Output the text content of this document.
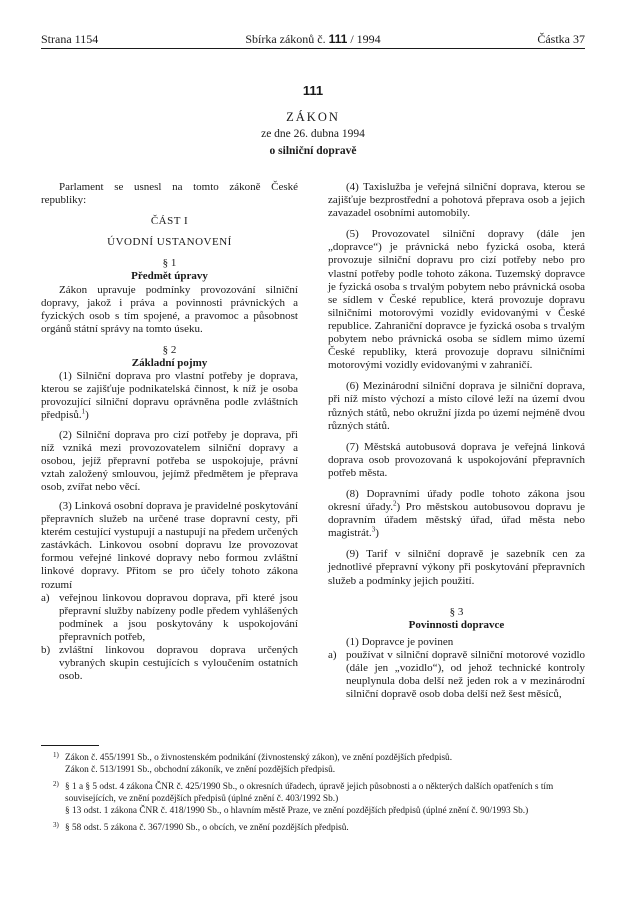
Strana 1154	Sbírka zákonů č. 111 / 1994	Částka 37
111
ZÁKON
ze dne 26. dubna 1994
o silniční dopravě

Parlament se usnesl na tomto zákoně České republiky:

ČÁST I

ÚVODNÍ USTANOVENÍ

§ 1

Předmět úpravy

Zákon upravuje podmínky provozování silniční dopravy, jakož i práva a povinnosti právnických a fyzických osob s tím spojené, a pravomoc a působnost orgánů státní správy na tomto úseku.

§ 2

Základní pojmy

(1) Silniční doprava pro vlastní potřeby je doprava, kterou se zajišťuje podnikatelská činnost, k níž je osoba provozující silniční dopravu oprávněna podle zvláštních předpisů.$^1$)

(2) Silniční doprava pro cizí potřeby je doprava, při níž vzniká mezi provozovatelem silniční dopravy a osobou, jejíž přepravní potřeba se uspokojuje, právní vztah založený smlouvou, jejímž předmětem je přeprava osob, zvířat nebo věcí.

(3) Linková osobní doprava je pravidelné poskytování přepravních služeb na určené trase dopravní cesty, při kterém cestující vystupují a nastupují na předem určených zastávkách. Linkovou osobní dopravu lze provozovat formou veřejné linkové dopravy nebo formou zvláštní linkové dopravy. Přitom se pro účely tohoto zákona rozumí

a) veřejnou linkovou dopravou doprava, při které jsou přepravní služby nabízeny podle předem vyhlášených podmínek a jsou poskytovány k uspokojování přepravních potřeb,
b) zvláštní linkovou dopravou doprava určených vybraných skupin cestujících s vyloučením ostatních osob.

(4) Taxislužba je veřejná silniční doprava, kterou se zajišťuje bezprostřední a pohotová přeprava osob a jejich zavazadel osobními automobily.

(5) Provozovatel silniční dopravy (dále jen „dopravce“) je právnická nebo fyzická osoba, která provozuje silniční dopravu pro cizí potřeby nebo pro vlastní potřeby podle tohoto zákona. Tuzemský dopravce je fyzická osoba s trvalým pobytem nebo právnická osoba se sídlem v České republice, která provozuje dopravu silničními motorovými vozidly evidovanými v České republice. Zahraniční dopravce je fyzická osoba s trvalým pobytem nebo právnická osoba se sídlem mimo území České republiky, která provozuje dopravu silničními motorovými vozidly evidovanými v zahraničí.

(6) Mezinárodní silniční doprava je silniční doprava, při níž místo výchozí a místo cílové leží na území dvou různých států, nebo okružní jízda po území nejméně dvou různých států.

(7) Městská autobusová doprava je veřejná linková doprava osob provozovaná k uspokojování přepravních potřeb města.

(8) Dopravními úřady podle tohoto zákona jsou okresní úřady.$^2$) Pro městskou autobusovou dopravu je dopravním úřadem městský úřad, úřad města nebo magistrát.$^3$)

(9) Tarif v silniční dopravě je sazebník cen za jednotlivé přepravní výkony při poskytování přepravních služeb a podmínky jejich použití.

§ 3

Povinnosti dopravce

(1) Dopravce je povinen

a) používat v silniční dopravě silniční motorové vozidlo (dále jen „vozidlo“), od jehož technické kontroly neuplynula doba delší než jeden rok a v mezinárodní silniční dopravě osob doba delší než šest měsíců,
1) Zákon č. 455/1991 Sb., o živnostenském podnikání (živnostenský zákon), ve znění pozdějších předpisů.
Zákon č. 513/1991 Sb., obchodní zákoník, ve znění pozdějších předpisů.
2) § 1 a § 5 odst. 4 zákona ČNR č. 425/1990 Sb., o okresních úřadech, úpravě jejich působnosti a o některých dalších opatřeních s tím souvisejících, ve znění pozdějších předpisů (úplné znění č. 403/1992 Sb.)
§ 13 odst. 1 zákona ČNR č. 418/1990 Sb., o hlavním městě Praze, ve znění pozdějších předpisů (úplné znění č. 90/1993 Sb.)
3) § 58 odst. 5 zákona č. 367/1990 Sb., o obcích, ve znění pozdějších předpisů.
